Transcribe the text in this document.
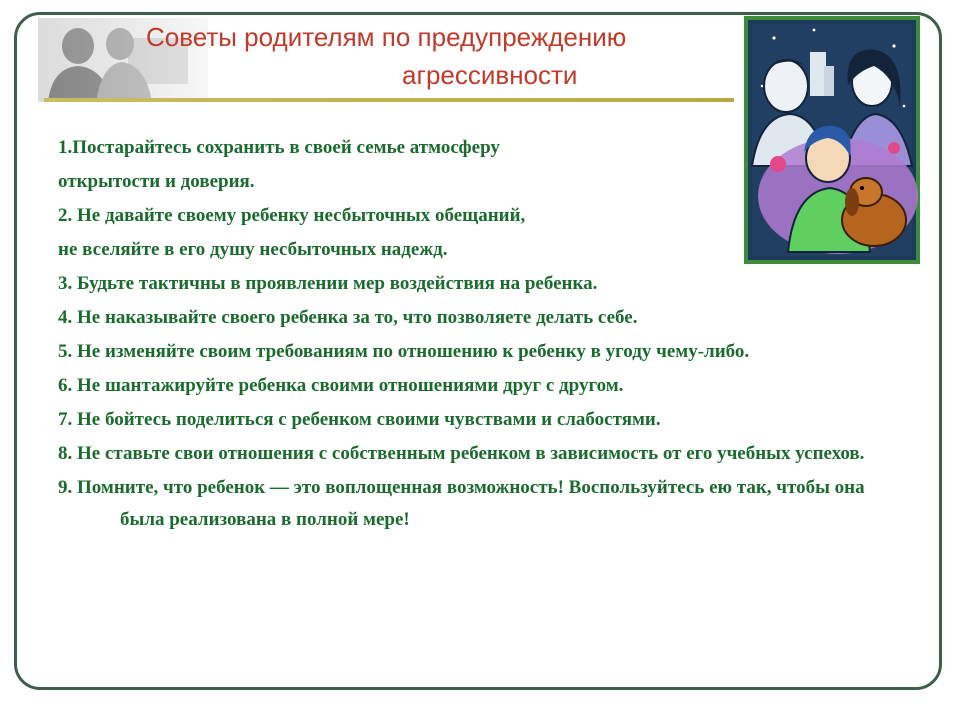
Советы родителям по предупреждению
агрессивности

1.Постарайтесь сохранить в своей семье атмосферу

открытости и доверия.

2. Не давайте своему ребенку несбыточных обещаний,

не вселяйте в его душу несбыточных надежд.

3. Будьте тактичны в проявлении мер воздействия на ребенка.

4. Не наказывайте своего ребенка за то, что позволяете делать себе.

5. Не изменяйте своим требованиям по отношению к ребенку в угоду чему-либо.

6. Не шантажируйте ребенка своими отношениями друг с другом.

7. Не бойтесь поделиться с ребенком своими чувствами и слабостями.

8. Не ставьте свои отношения с собственным ребенком в зависимость от его учебных успехов.

9. Помните, что ребенок — это воплощенная возможность! Воспользуйтесь ею так, чтобы она была реализована в полной мере!
